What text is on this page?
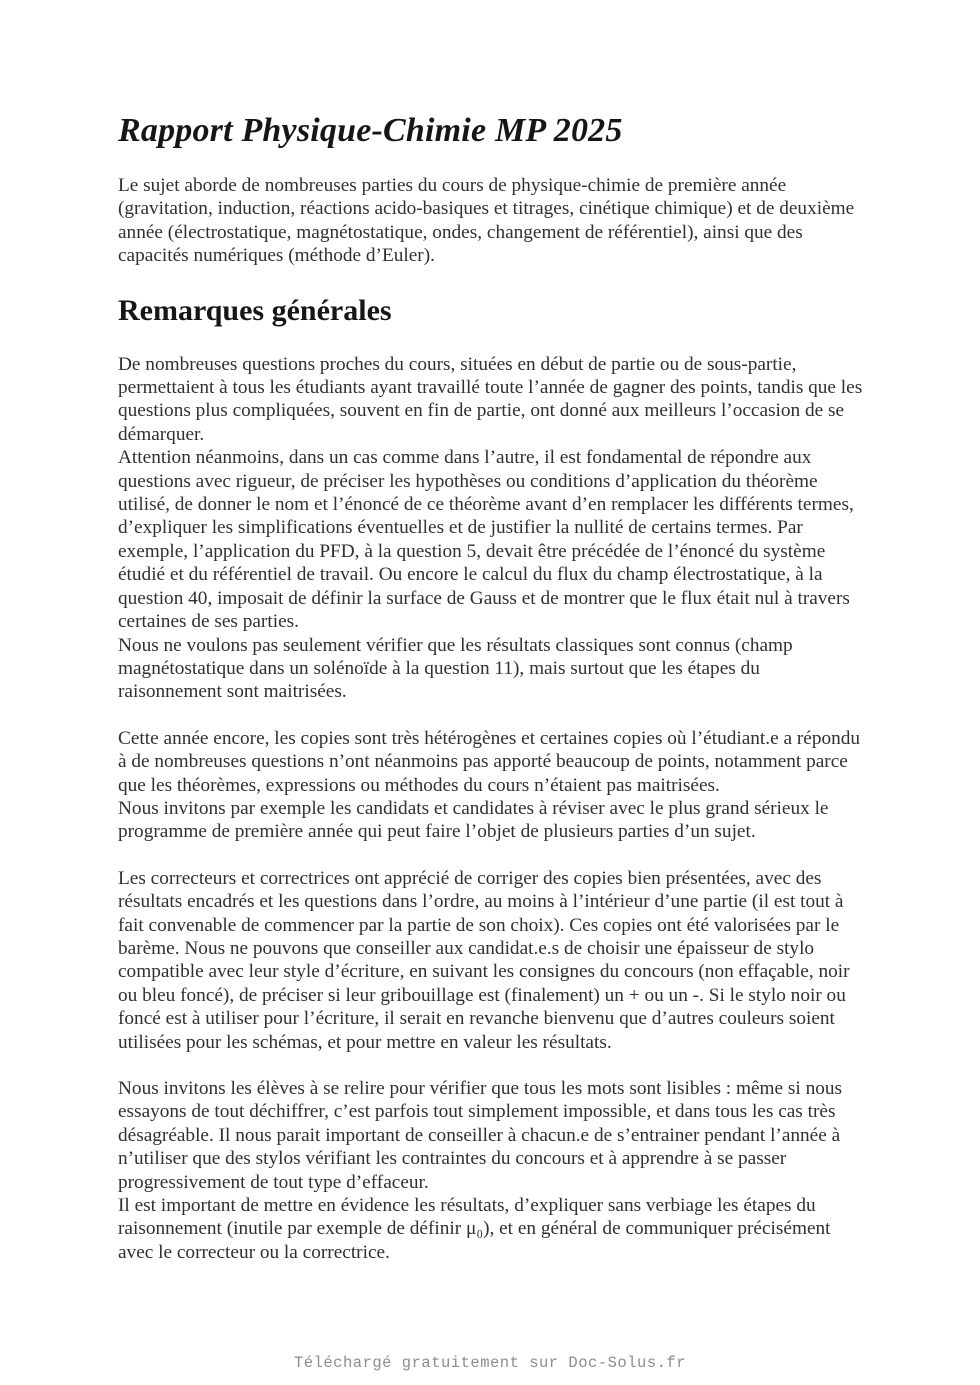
Rapport Physique-Chimie MP 2025

Le sujet aborde de nombreuses parties du cours de physique-chimie de première année (gravitation, induction, réactions acido-basiques et titrages, cinétique chimique) et de deuxième année (électrostatique, magnétostatique, ondes, changement de référentiel), ainsi que des capacités numériques (méthode d’Euler).

Remarques générales

De nombreuses questions proches du cours, situées en début de partie ou de sous-partie, permettaient à tous les étudiants ayant travaillé toute l’année de gagner des points, tandis que les questions plus compliquées, souvent en fin de partie, ont donné aux meilleurs l’occasion de se démarquer.

Attention néanmoins, dans un cas comme dans l’autre, il est fondamental de répondre aux questions avec rigueur, de préciser les hypothèses ou conditions d’application du théorème utilisé, de donner le nom et l’énoncé de ce théorème avant d’en remplacer les différents termes, d’expliquer les simplifications éventuelles et de justifier la nullité de certains termes. Par exemple, l’application du PFD, à la question 5, devait être précédée de l’énoncé du système étudié et du référentiel de travail. Ou encore le calcul du flux du champ électrostatique, à la question 40, imposait de définir la surface de Gauss et de montrer que le flux était nul à travers certaines de ses parties.

Nous ne voulons pas seulement vérifier que les résultats classiques sont connus (champ magnétostatique dans un solénoïde à la question 11), mais surtout que les étapes du raisonnement sont maitrisées.

Cette année encore, les copies sont très hétérogènes et certaines copies où l’étudiant.e a répondu à de nombreuses questions n’ont néanmoins pas apporté beaucoup de points, notamment parce que les théorèmes, expressions ou méthodes du cours n’étaient pas maitrisées.

Nous invitons par exemple les candidats et candidates à réviser avec le plus grand sérieux le programme de première année qui peut faire l’objet de plusieurs parties d’un sujet.

Les correcteurs et correctrices ont apprécié de corriger des copies bien présentées, avec des résultats encadrés et les questions dans l’ordre, au moins à l’intérieur d’une partie (il est tout à fait convenable de commencer par la partie de son choix). Ces copies ont été valorisées par le barème. Nous ne pouvons que conseiller aux candidat.e.s de choisir une épaisseur de stylo compatible avec leur style d’écriture, en suivant les consignes du concours (non effaçable, noir ou bleu foncé), de préciser si leur gribouillage est (finalement) un + ou un -. Si le stylo noir ou foncé est à utiliser pour l’écriture, il serait en revanche bienvenu que d’autres couleurs soient utilisées pour les schémas, et pour mettre en valeur les résultats.

Nous invitons les élèves à se relire pour vérifier que tous les mots sont lisibles : même si nous essayons de tout déchiffrer, c’est parfois tout simplement impossible, et dans tous les cas très désagréable. Il nous parait important de conseiller à chacun.e de s’entrainer pendant l’année à n’utiliser que des stylos vérifiant les contraintes du concours et à apprendre à se passer progressivement de tout type d’effaceur.

Il est important de mettre en évidence les résultats, d’expliquer sans verbiage les étapes du raisonnement (inutile par exemple de définir μ₀), et en général de communiquer précisément avec le correcteur ou la correctrice.

Téléchargé gratuitement sur Doc-Solus.fr
